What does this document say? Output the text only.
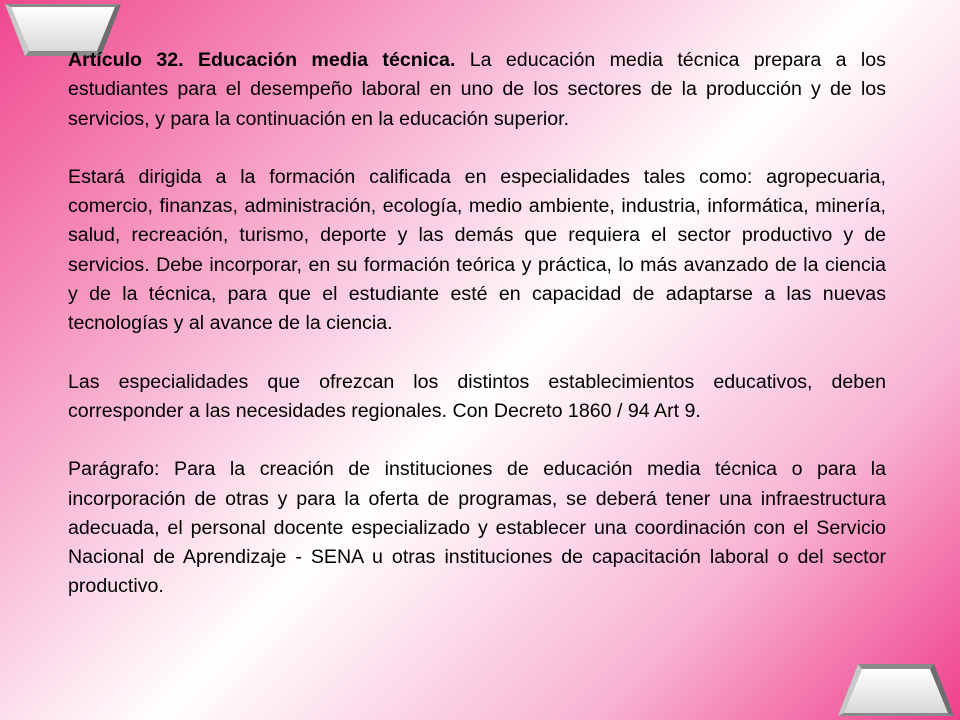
Artículo 32. Educación media técnica. La educación media técnica prepara a los estudiantes para el desempeño laboral en uno de los sectores de la producción y de los servicios, y para la continuación en la educación superior.

Estará dirigida a la formación calificada en especialidades tales como: agropecuaria, comercio, finanzas, administración, ecología, medio ambiente, industria, informática, minería, salud, recreación, turismo, deporte y las demás que requiera el sector productivo y de servicios. Debe incorporar, en su formación teórica y práctica, lo más avanzado de la ciencia y de la técnica, para que el estudiante esté en capacidad de adaptarse a las nuevas tecnologías y al avance de la ciencia.

Las especialidades que ofrezcan los distintos establecimientos educativos, deben corresponder a las necesidades regionales. Con Decreto 1860 / 94 Art 9.

Parágrafo: Para la creación de instituciones de educación media técnica o para la incorporación de otras y para la oferta de programas, se deberá tener una infraestructura adecuada, el personal docente especializado y establecer una coordinación con el Servicio Nacional de Aprendizaje - SENA u otras instituciones de capacitación laboral o del sector productivo.
